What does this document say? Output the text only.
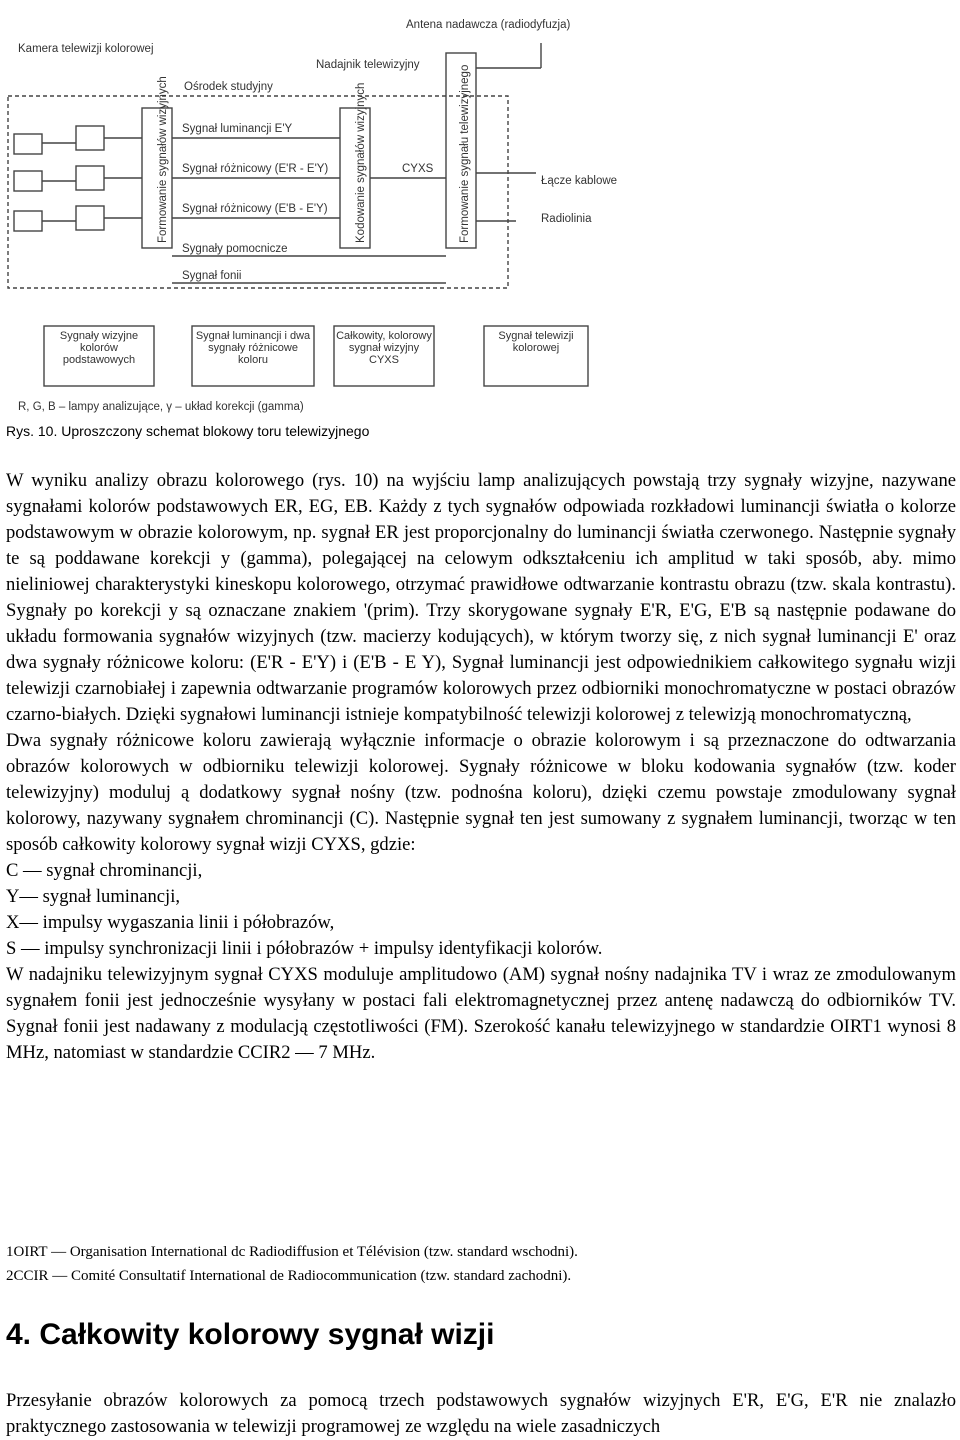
Kamera telewizji kolorowej
Ośrodek studyjny
Nadajnik telewizyjny
Antena nadawcza (radiodyfuzja)
Sygnał luminancji E'Y
Sygnał różnicowy (E'R - E'Y)
Sygnał różnicowy (E'B - E'Y)
Sygnały pomocnicze
Sygnał fonii
Formowanie sygnałów wizyjnych	Kodowanie sygnałów wizyjnych	Formowanie sygnału telewizyjnego
CYXS
Łącze kablowe
Radiolinia
Sygnały wizyjne kolorów podstawowych
Sygnał luminancji i dwa sygnały różnicowe koloru
Całkowity, kolorowy sygnał wizyjny CYXS
Sygnał telewizji kolorowej
R, G, B – lampy analizujące, γ – układ korekcji (gamma)
Rys. 10. Uproszczony schemat blokowy toru telewizyjnego

W wyniku analizy obrazu kolorowego (rys. 10) na wyjściu lamp analizujących powstają trzy sygnały wizyjne, nazywane sygnałami kolorów podstawowych ER, EG, EB. Każdy z tych sygnałów odpowiada rozkładowi luminancji światła o kolorze podstawowym w obrazie kolorowym, np. sygnał ER jest proporcjonalny do luminancji światła czerwonego. Następnie sygnały te są poddawane korekcji y (gamma), polegającej na celowym odkształceniu ich amplitud w taki sposób, aby. mimo nieliniowej charakterystyki kineskopu kolorowego, otrzymać prawidłowe odtwarzanie kontrastu obrazu (tzw. skala kontrastu). Sygnały po korekcji y są oznaczane znakiem '(prim). Trzy skorygowane sygnały E'R, E'G, E'B są następnie podawane do układu formowania sygnałów wizyjnych (tzw. macierzy kodujących), w którym tworzy się, z nich sygnał luminancji E' oraz dwa sygnały różnicowe koloru: (E'R - E'Y) i (E'B - E Y), Sygnał luminancji jest odpowiednikiem całkowitego sygnału wizji telewizji czarnobiałej i zapewnia odtwarzanie programów kolorowych przez odbiorniki monochromatyczne w postaci obrazów czarno-białych. Dzięki sygnałowi luminancji istnieje kompatybilność telewizji kolorowej z telewizją monochromatyczną,

Dwa sygnały różnicowe koloru zawierają wyłącznie informacje o obrazie kolorowym i są przeznaczone do odtwarzania obrazów kolorowych w odbiorniku telewizji kolorowej. Sygnały różnicowe w bloku kodowania sygnałów (tzw. koder telewizyjny) moduluj ą dodatkowy sygnał nośny (tzw. podnośna koloru), dzięki czemu powstaje zmodulowany sygnał kolorowy, nazywany sygnałem chrominancji (C). Następnie sygnał ten jest sumowany z sygnałem luminancji, tworząc w ten sposób całkowity kolorowy sygnał wizji CYXS, gdzie:

C — sygnał chrominancji,

Y— sygnał luminancji,

X— impulsy wygaszania linii i półobrazów,

S — impulsy synchronizacji linii i półobrazów + impulsy identyfikacji kolorów.

W nadajniku telewizyjnym sygnał CYXS moduluje amplitudowo (AM) sygnał nośny nadajnika TV i wraz ze zmodulowanym sygnałem fonii jest jednocześnie wysyłany w postaci fali elektromagnetycznej przez antenę nadawczą do odbiorników TV. Sygnał fonii jest nadawany z modulacją częstotliwości (FM). Szerokość kanału telewizyjnego w standardzie OIRT1 wynosi 8 MHz, natomiast w standardzie CCIR2 — 7 MHz.

1OIRT — Organisation International dc Radiodiffusion et Télévision (tzw. standard wschodni).
2CCIR — Comité Consultatif International de Radiocommunication (tzw. standard zachodni).
4. Całkowity kolorowy sygnał wizji
Przesyłanie obrazów kolorowych za pomocą trzech podstawowych sygnałów wizyjnych E'R, E'G, E'R nie znalazło praktycznego zastosowania w telewizji programowej ze względu na wiele zasadniczych
